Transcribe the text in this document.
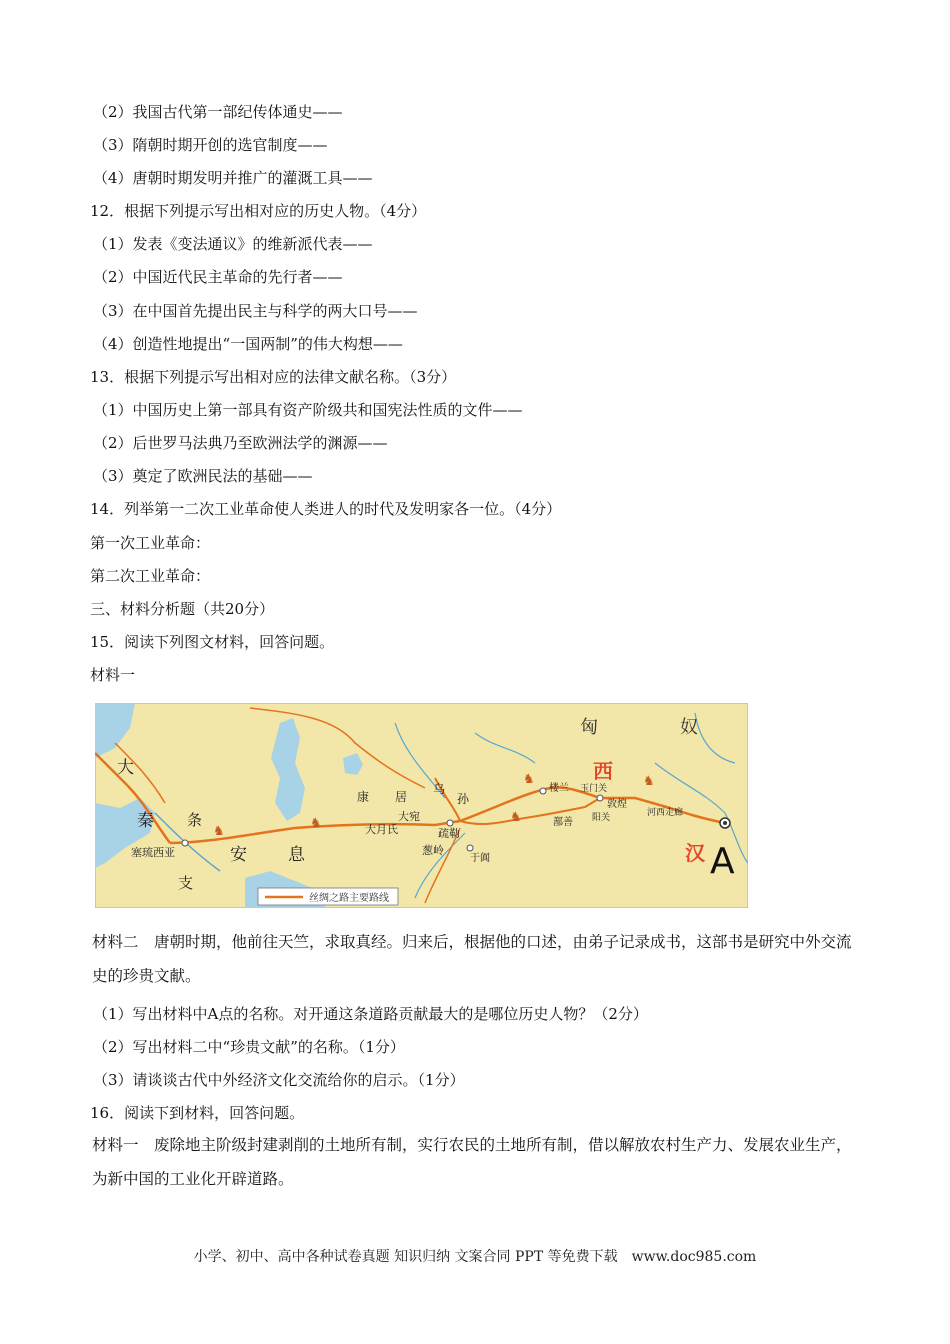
（2）我国古代第一部纪传体通史——
（3）隋朝时期开创的选官制度——
（4）唐朝时期发明并推广的灌溉工具——
12．根据下列提示写出相对应的历史人物。（4分）
（1）发表《变法通议》的维新派代表——
（2）中国近代民主革命的先行者——
（3）在中国首先提出民主与科学的两大口号——
（4）创造性地提出“一国两制”的伟大构想——
13．根据下列提示写出相对应的法律文献名称。（3分）
（1）中国历史上第一部具有资产阶级共和国宪法性质的文件——
（2）后世罗马法典乃至欧洲法学的渊源——
（3）奠定了欧洲民法的基础——
14．列举第一二次工业革命使人类进人的时代及发明家各一位。（4分）
第一次工业革命：
第二次工业革命：
三、材料分析题（共20分）
15．阅读下列图文材料，回答问题。
材料一
♞
♞	♞
♞	♞
匈	奴
西
汉 A
大
秦 条
安 息
支
康 居
大宛
乌
孙
疏勒
葱岭
大月氏
于阗
楼兰 玉门关
敦煌
阳关
鄯善
河西走廊
塞琉西亚
丝绸之路主要路线
材料二　唐朝时期，他前往天竺，求取真经。归来后，根据他的口述，由弟子记录成书，这部书是研究中外交流史的珍贵文献。
（1）写出材料中A点的名称。对开通这条道路贡献最大的是哪位历史人物？（2分）
（2）写出材料二中“珍贵文献”的名称。（1分）
（3）请谈谈古代中外经济文化交流给你的启示。（1分）
16．阅读下到材料，回答问题。
材料一　废除地主阶级封建剥削的土地所有制，实行农民的土地所有制，借以解放农村生产力、发展农业生产，为新中国的工业化开辟道路。
小学、初中、高中各种试卷真题 知识归纳 文案合同 PPT 等免费下载　www.doc985.com
